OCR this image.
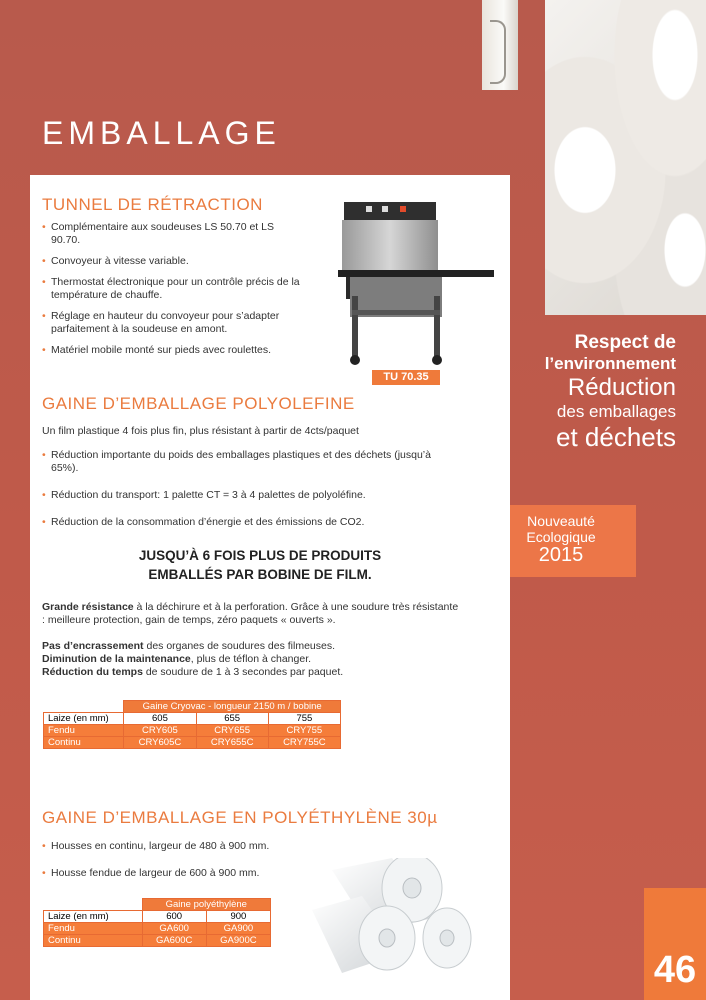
EMBALLAGE
Respect de
l’environnement
Réduction
des emballages
et déchets
Nouveauté
Ecologique
2015
46
TUNNEL DE RÉTRACTION
• Complémentaire aux soudeuses LS 50.70 et LS 90.70.
• Convoyeur à vitesse variable.
• Thermostat électronique pour un contrôle précis de la température de chauffe.
• Réglage en hauteur du convoyeur pour s’adapter parfaitement à la soudeuse en amont.
• Matériel mobile monté sur pieds avec roulettes.
TU 70.35
GAINE D’EMBALLAGE POLYOLEFINE

Un film plastique 4 fois plus fin, plus résistant à partir de 4cts/paquet

• Réduction importante du poids des emballages plastiques et des déchets (jusqu’à 65%).
• Réduction du transport: 1 palette CT = 3 à 4 palettes de polyoléfine.
• Réduction de la consommation d’énergie et des émissions de CO2.
JUSQU’À 6 FOIS PLUS DE PRODUITS
EMBALLÉS PAR BOBINE DE FILM.

Grande résistance à la déchirure et à la perforation. Grâce à une soudure très résistante : meilleure protection, gain de temps, zéro paquets « ouverts ».

Pas d’encrassement des organes de soudures des filmeuses.
Diminution de la maintenance, plus de téflon à changer.
Réduction du temps de soudure de 1 à 3 secondes par paquet.
	Gaine Cryovac - longueur 2150 m / bobine		
Laize (en mm)	605	655	755
Fendu	CRY605	CRY655	CRY755
Continu	CRY605C	CRY655C	CRY755C
GAINE D’EMBALLAGE EN POLYÉTHYLÈNE 30µ
• Housses en continu, largeur de 480 à 900 mm.
• Housse fendue de largeur de 600 à 900 mm.
	Gaine polyéthylène	
Laize (en mm)	600	900
Fendu	GA600	GA900
Continu	GA600C	GA900C
